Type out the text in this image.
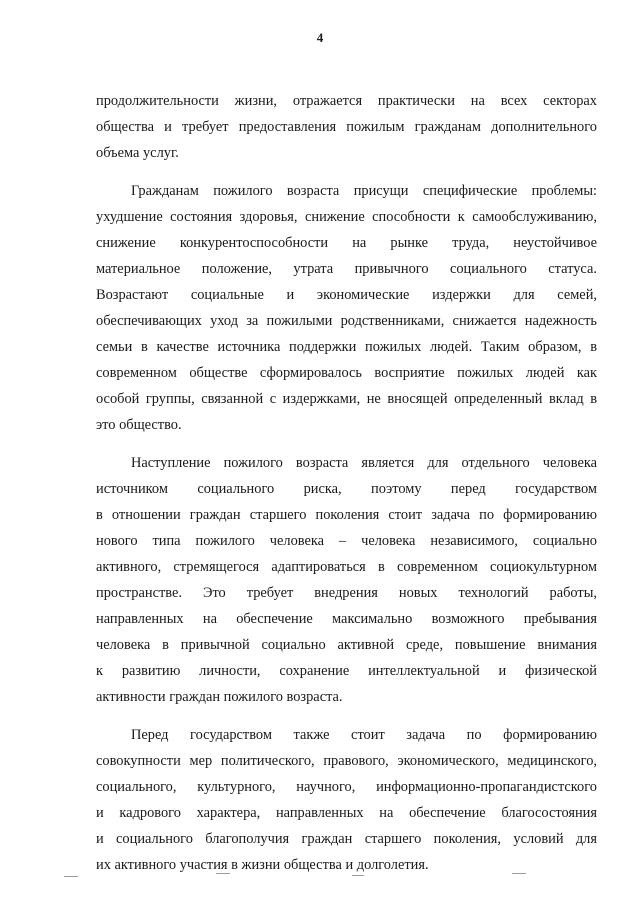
4
продолжительности жизни, отражается практически на всех секторах
общества и требует предоставления пожилым гражданам дополнительного
объема услуг.
Гражданам пожилого возраста присущи специфические проблемы:
ухудшение состояния здоровья, снижение способности к самообслуживанию,
снижение конкурентоспособности на рынке труда, неустойчивое
материальное положение, утрата привычного социального статуса.
Возрастают социальные и экономические издержки для семей,
обеспечивающих уход за пожилыми родственниками, снижается надежность
семьи в качестве источника поддержки пожилых людей. Таким образом, в
современном обществе сформировалось восприятие пожилых людей как
особой группы, связанной с издержками, не вносящей определенный вклад в
это общество.
Наступление пожилого возраста является для отдельного человека
источником социального риска, поэтому перед государством
в отношении граждан старшего поколения стоит задача по формированию
нового типа пожилого человека – человека независимого, социально
активного, стремящегося адаптироваться в современном социокультурном
пространстве. Это требует внедрения новых технологий работы,
направленных на обеспечение максимально возможного пребывания
человека в привычной социально активной среде, повышение внимания
к развитию личности, сохранение интеллектуальной и физической
активности граждан пожилого возраста.
Перед государством также стоит задача по формированию
совокупности мер политического, правового, экономического, медицинского,
социального, культурного, научного, информационно-пропагандистского
и кадрового характера, направленных на обеспечение благосостояния
и социального благополучия граждан старшего поколения, условий для
их активного участия в жизни общества и долголетия.
